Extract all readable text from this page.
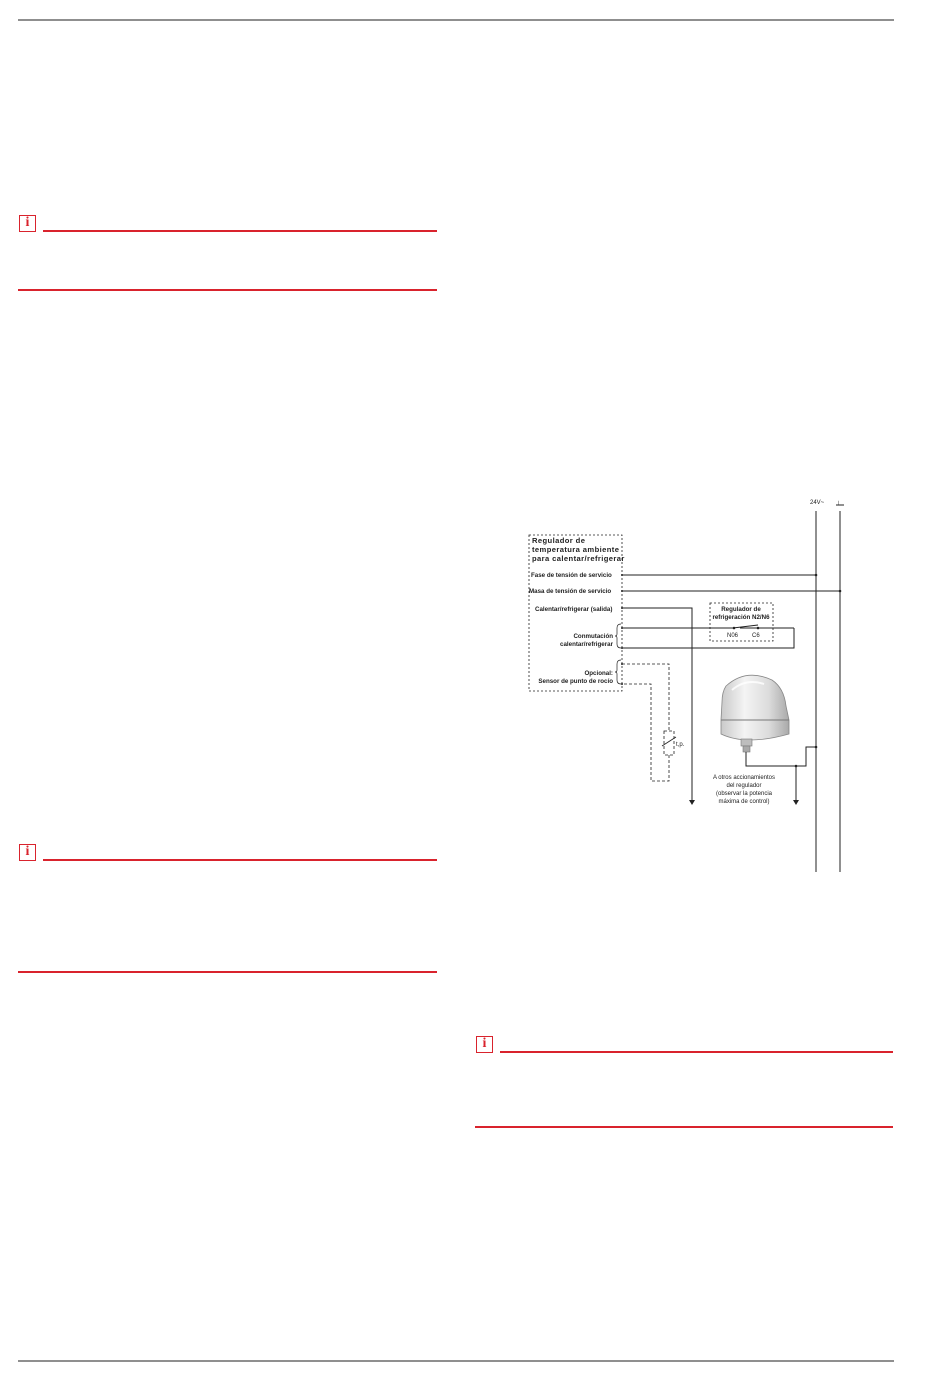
i
i
i
24V~ ⊥
Regulador de
temperatura ambiente
para calentar/refrigerar
Fase de tensión de servicio
Masa de tensión de servicio
Calentar/refrigerar (salida)
Conmutación
calentar/refrigerar
Opcional:
Sensor de punto de rocío
t,p.
Regulador de
refrigeración N2/N6
N06 C6
A otros accionamientos
del regulador
(observar la potencia
máxima de control)
